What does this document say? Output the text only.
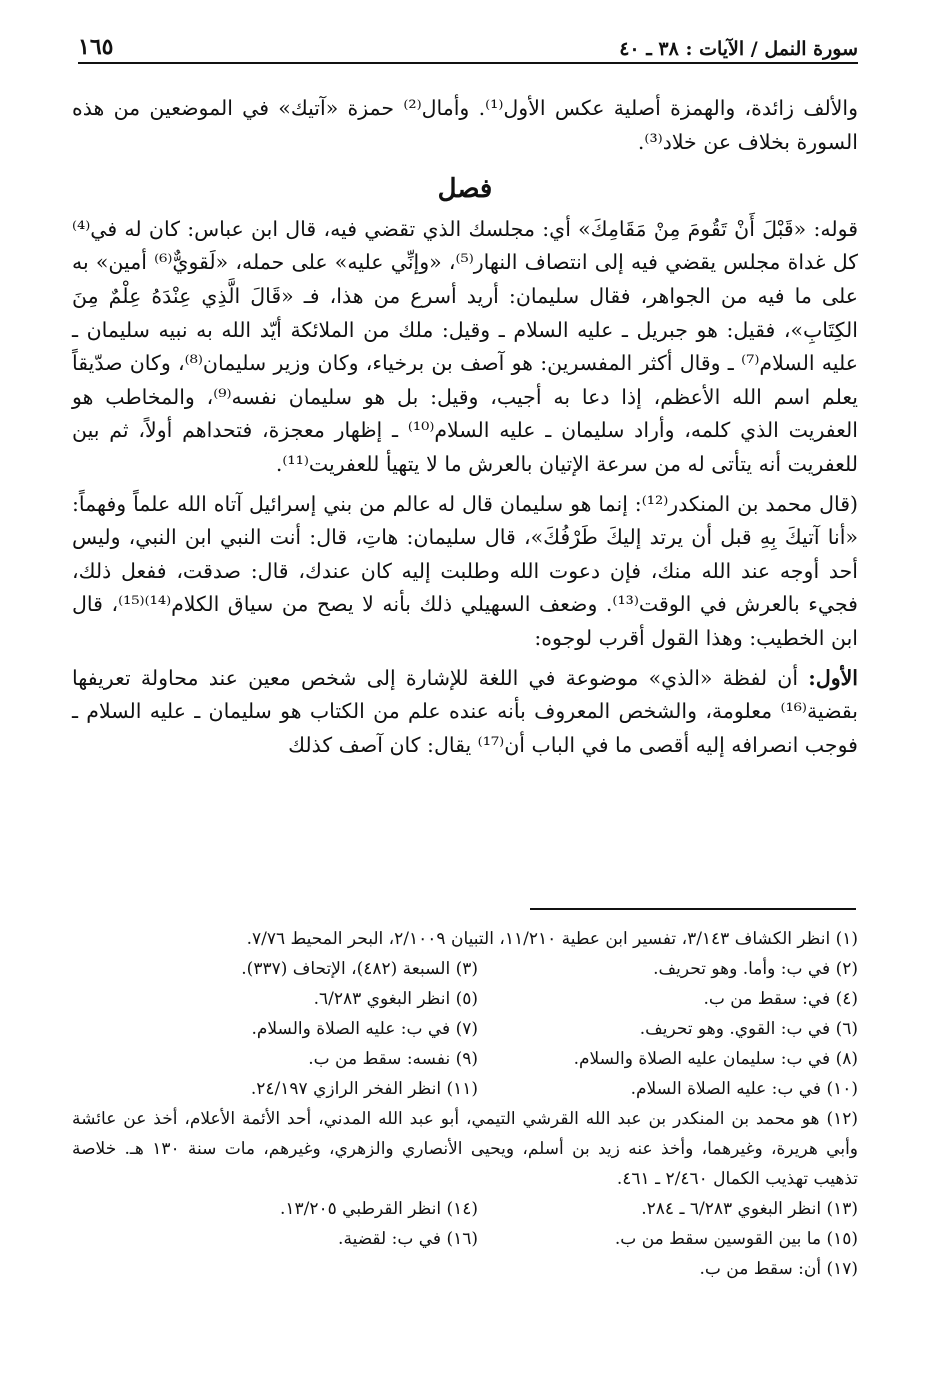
سورة النمل / الآيات : ٣٨ ـ ٤٠
١٦٥

والألف زائدة، والهمزة أصلية عكس الأول⁽¹⁾. وأمال⁽²⁾ حمزة «آتيك» في الموضعين من هذه السورة بخلاف عن خلاد⁽³⁾.

فصل

قوله: «قَبْلَ أَنْ تَقُومَ مِنْ مَقَامِكَ» أي: مجلسك الذي تقضي فيه، قال ابن عباس: كان له في⁽⁴⁾ كل غداة مجلس يقضي فيه إلى انتصاف النهار⁽⁵⁾، «وإنِّي عليه» على حمله، «لَقويٌّ⁽⁶⁾ أمين» به على ما فيه من الجواهر، فقال سليمان: أريد أسرع من هذا، فـ «قَالَ الَّذِي عِنْدَهُ عِلْمٌ مِنَ الكِتَابِ»، فقيل: هو جبريل ـ عليه السلام ـ وقيل: ملك من الملائكة أيّد الله به نبيه سليمان ـ عليه السلام⁽⁷⁾ ـ وقال أكثر المفسرين: هو آصف بن برخياء، وكان وزير سليمان⁽⁸⁾، وكان صدّيقاً يعلم اسم الله الأعظم، إذا دعا به أجيب، وقيل: بل هو سليمان نفسه⁽⁹⁾، والمخاطب هو العفريت الذي كلمه، وأراد سليمان ـ عليه السلام⁽¹⁰⁾ ـ إظهار معجزة، فتحداهم أولاً، ثم بين للعفريت أنه يتأتى له من سرعة الإتيان بالعرش ما لا يتهيأ للعفريت⁽¹¹⁾.

(قال محمد بن المنكدر⁽¹²⁾: إنما هو سليمان قال له عالم من بني إسرائيل آتاه الله علماً وفهماً: «أنا آتيكَ بِهِ قبل أن يرتد إليكَ طَرْفُكَ»، قال سليمان: هاتِ، قال: أنت النبي ابن النبي، وليس أحد أوجه عند الله منك، فإن دعوت الله وطلبت إليه كان عندك، قال: صدقت، ففعل ذلك، فجيء بالعرش في الوقت⁽¹³⁾. وضعف السهيلي ذلك بأنه لا يصح من سياق الكلام⁽¹⁴⁾⁽¹⁵⁾، قال ابن الخطيب: وهذا القول أقرب لوجوه:

الأول: أن لفظة «الذي» موضوعة في اللغة للإشارة إلى شخص معين عند محاولة تعريفها بقضية⁽¹⁶⁾ معلومة، والشخص المعروف بأنه عنده علم من الكتاب هو سليمان ـ عليه السلام ـ فوجب انصرافه إليه أقصى ما في الباب أن⁽¹⁷⁾ يقال: كان آصف كذلك

(١) انظر الكشاف ٣/١٤٣، تفسير ابن عطية ١١/٢١٠، التبيان ٢/١٠٠٩، البحر المحيط ٧/٧٦.
(٢) في ب: وأما. وهو تحريف.
(٣) السبعة (٤٨٢)، الإتحاف (٣٣٧).
(٤) في: سقط من ب.
(٥) انظر البغوي ٦/٢٨٣.
(٦) في ب: القوي. وهو تحريف.
(٧) في ب: عليه الصلاة والسلام.
(٨) في ب: سليمان عليه الصلاة والسلام.
(٩) نفسه: سقط من ب.
(١٠) في ب: عليه الصلاة السلام.
(١١) انظر الفخر الرازي ٢٤/١٩٧.
(١٢) هو محمد بن المنكدر بن عبد الله القرشي التيمي، أبو عبد الله المدني، أحد الأئمة الأعلام، أخذ عن عائشة وأبي هريرة، وغيرهما، وأخذ عنه زيد بن أسلم، ويحيى الأنصاري والزهري، وغيرهم، مات سنة ١٣٠ هـ. خلاصة تذهيب تهذيب الكمال ٢/٤٦٠ ـ ٤٦١.
(١٣) انظر البغوي ٦/٢٨٣ ـ ٢٨٤.
(١٤) انظر القرطبي ١٣/٢٠٥.
(١٥) ما بين القوسين سقط من ب.
(١٦) في ب: لقضية.
(١٧) أن: سقط من ب.
